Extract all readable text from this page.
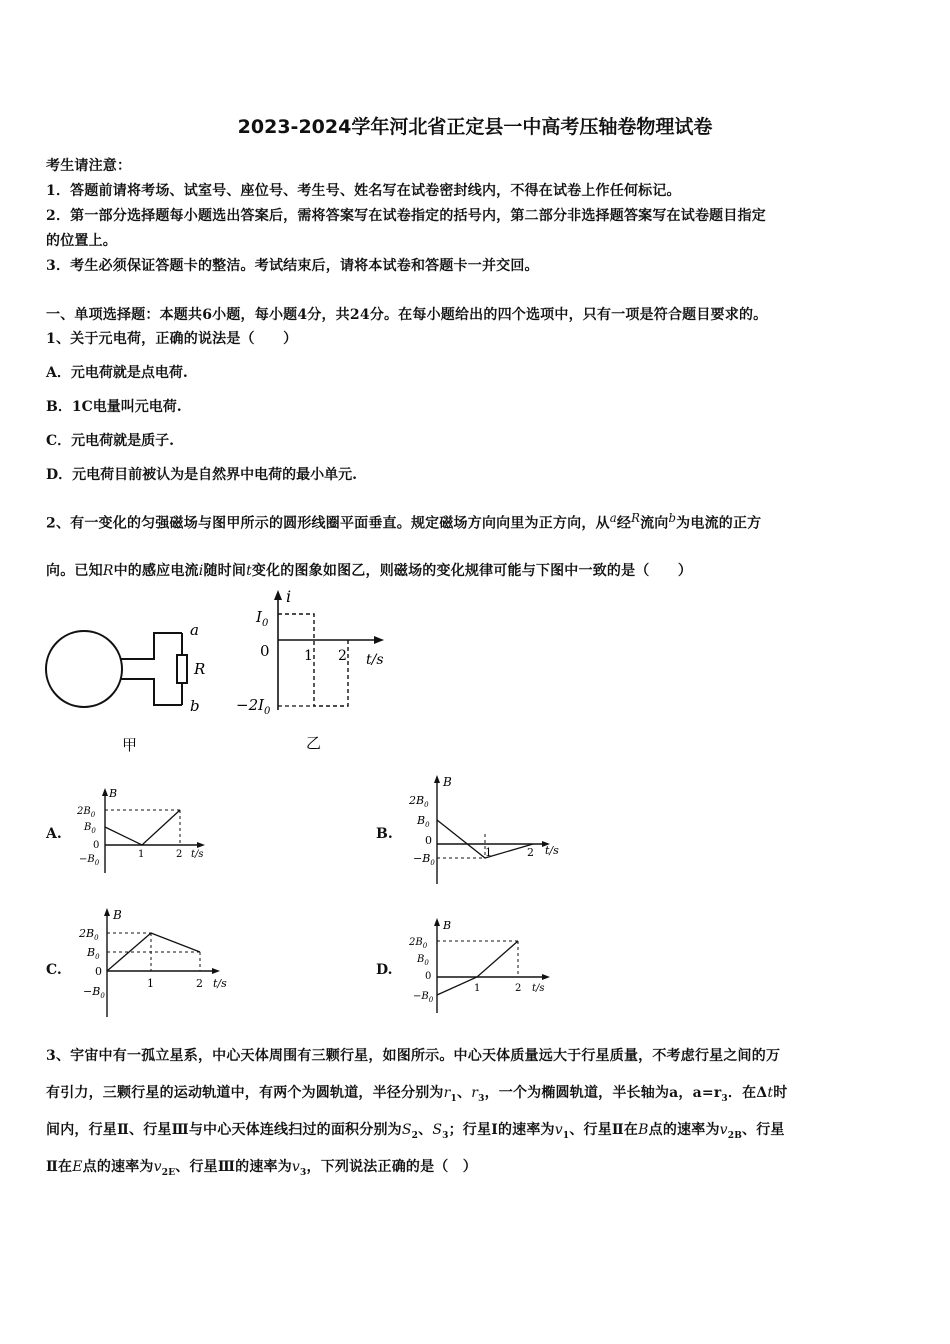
2023-2024学年河北省正定县一中高考压轴卷物理试卷
考生请注意：
1．答题前请将考场、试室号、座位号、考生号、姓名写在试卷密封线内，不得在试卷上作任何标记。
2．第一部分选择题每小题选出答案后，需将答案写在试卷指定的括号内，第二部分非选择题答案写在试卷题目指定
的位置上。
3．考生必须保证答题卡的整洁。考试结束后，请将本试卷和答题卡一并交回。
一、单项选择题：本题共6小题，每小题4分，共24分。在每小题给出的四个选项中，只有一项是符合题目要求的。
1、关于元电荷，正确的说法是（　　）
A．元电荷就是点电荷.
B．1C电量叫元电荷.
C．元电荷就是质子.
D．元电荷目前被认为是自然界中电荷的最小单元.
2、有一变化的匀强磁场与图甲所示的圆形线圈平面垂直。规定磁场方向向里为正方向，从$^a$经$^R$流向$^b$为电流的正方
向。已知R中的感应电流i随时间t变化的图象如图乙，则磁场的变化规律可能与下图中一致的是（　　）
a
R
b
甲
i
$I_0$
0
$-2I_0$
1 2 t/s
乙
A.
B
$2B_0$
$B_0$
0
$-B_0$
1	2 t/s
B.
B
$2B_0$
$B_0$
0
$-B_0$
1	2 t/s
C.
B
$2B_0$
$B_0$
0
$-B_0$
1	2 t/s
D.
B
$2B_0$
$B_0$
0
$-B_0$
1	2 t/s
3、宇宙中有一孤立星系，中心天体周围有三颗行星，如图所示。中心天体质量远大于行星质量，不考虑行星之间的万
有引力，三颗行星的运动轨道中，有两个为圆轨道，半径分别为$r_1$、$r_3$，一个为椭圆轨道，半长轴为a，$a=r_3$．在Δt时
间内，行星Ⅱ、行星Ⅲ与中心天体连线扫过的面积分别为$S_2$、$S_3$；行星Ⅰ的速率为$v_1$、行星Ⅱ在B点的速率为$v_{2B}$、行星
Ⅱ在E点的速率为$v_{2E}$、行星Ⅲ的速率为$v_3$，下列说法正确的是（　）
